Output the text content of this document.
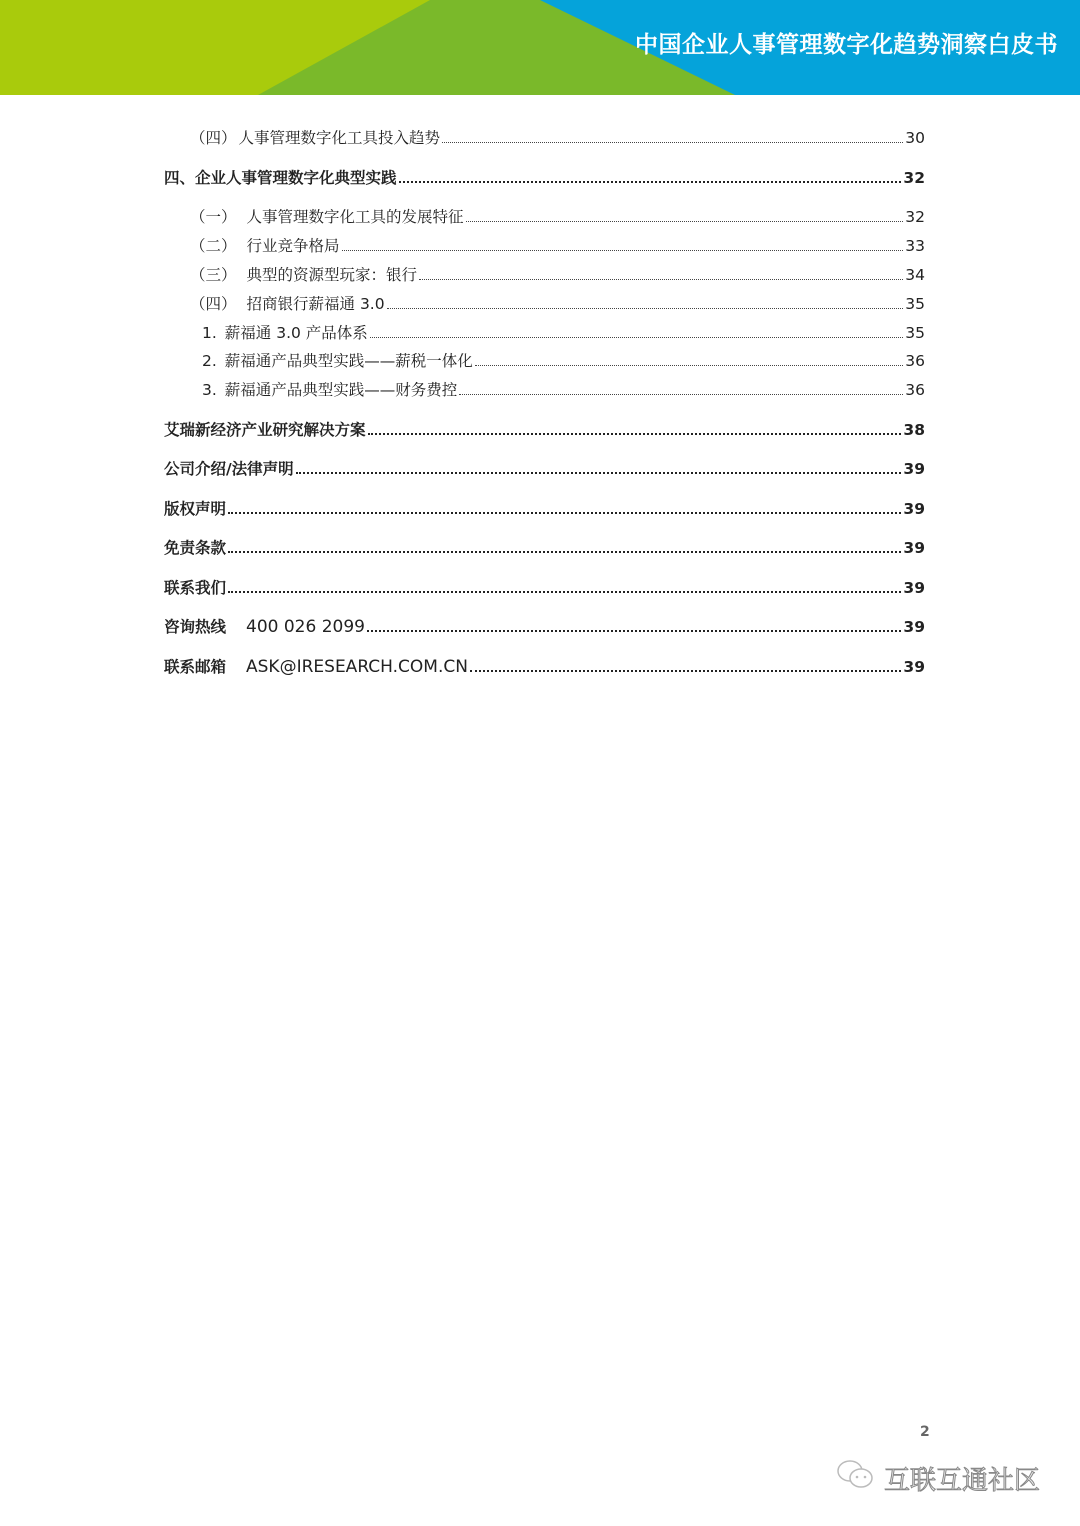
中国企业人事管理数字化趋势洞察白皮书
（四） 人事管理数字化工具投入趋势	30
四、企业人事管理数字化典型实践	32
（一） 人事管理数字化工具的发展特征	32
（二） 行业竞争格局	33
（三） 典型的资源型玩家：银行	34
（四） 招商银行薪福通 3.0	35
1. 薪福通 3.0 产品体系	35
2. 薪福通产品典型实践——薪税一体化	36
3. 薪福通产品典型实践——财务费控	36
艾瑞新经济产业研究解决方案	38
公司介绍/法律声明	39
版权声明	39
免责条款	39
联系我们	39
咨询热线 400 026 2099	39
联系邮箱 ASK@IRESEARCH.COM.CN	39
2
互联互通社区
